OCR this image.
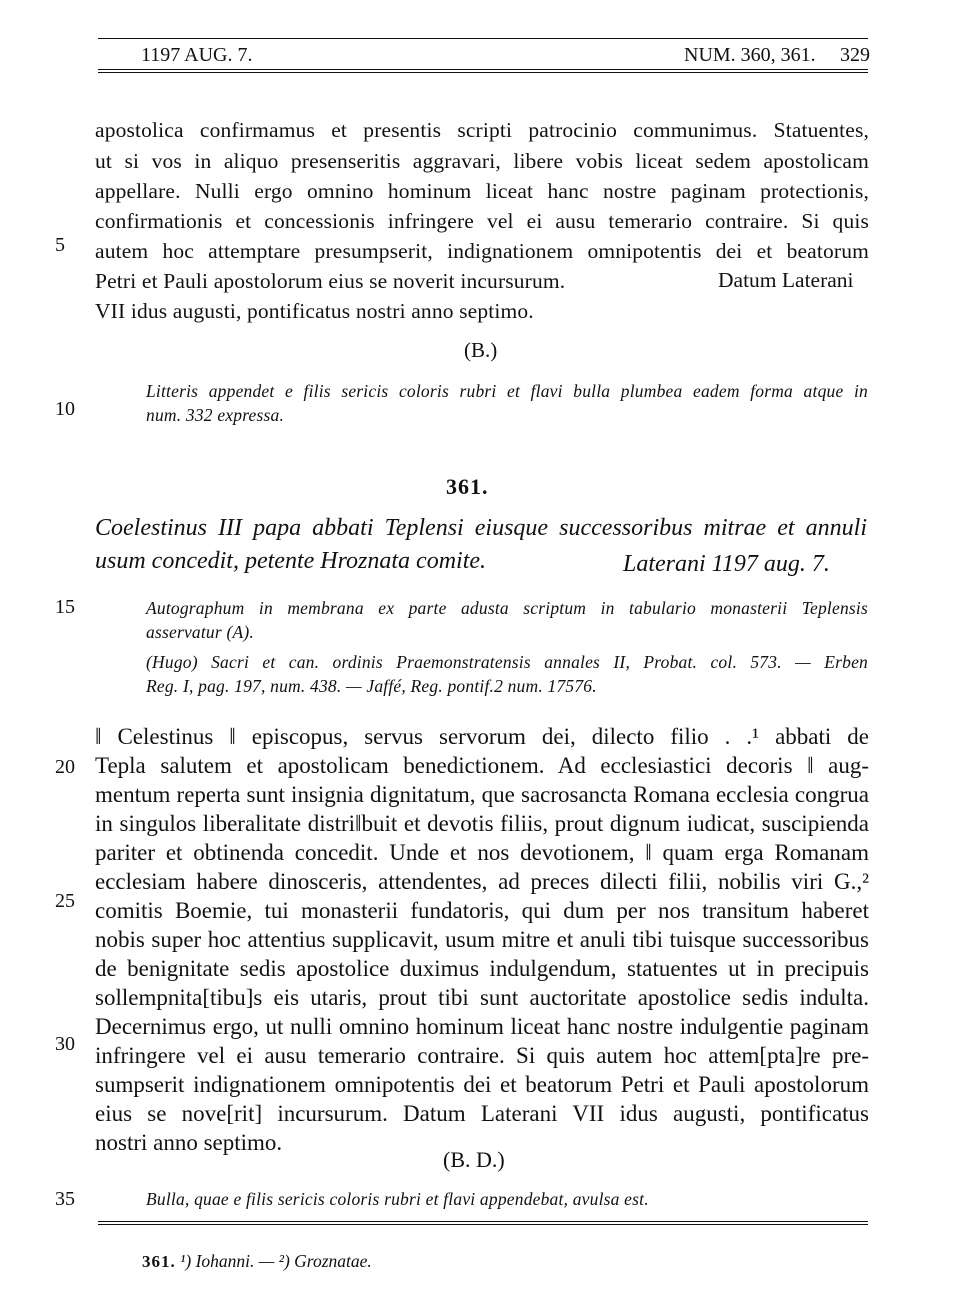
1197 AUG. 7.	NUM. 360, 361. 329
5
10
15
20
25
30
35
apostolica confirmamus et presentis scripti patrocinio communimus. Statuentes,
ut si vos in aliquo presenseritis aggravari, libere vobis liceat sedem apostolicam
appellare. Nulli ergo omnino hominum liceat hanc nostre paginam protectionis,
confirmationis et concessionis infringere vel ei ausu temerario contraire. Si quis
autem hoc attemptare presumpserit, indignationem omnipotentis dei et beatorum
Petri et Pauli apostolorum eius se noverit incursurum.
VII idus augusti, pontificatus nostri anno septimo.
Datum Laterani
(B.)
Litteris appendet e filis sericis coloris rubri et flavi bulla plumbea eadem forma atque in
num. 332 expressa.
361.
Coelestinus III papa abbati Teplensi eiusque successoribus mitrae et annuli
usum concedit, petente Hroznata comite.	Laterani 1197 aug. 7.
Autographum in membrana ex parte adusta scriptum in tabulario monasterii Teplensis
asservatur (A).
(Hugo) Sacri et can. ordinis Praemonstratensis annales II, Probat. col. 573. — Erben
Reg. I, pag. 197, num. 438. — Jaffé, Reg. pontif.2 num. 17576.
‖ Celestinus ‖ episcopus, servus servorum dei, dilecto filio . .¹ abbati de
Tepla salutem et apostolicam benedictionem. Ad ecclesiastici decoris ‖ aug-
mentum reperta sunt insignia dignitatum, que sacrosancta Romana ecclesia congrua
in singulos liberalitate distri‖buit et devotis filiis, prout dignum iudicat, suscipienda
pariter et obtinenda concedit. Unde et nos devotionem, ‖ quam erga Romanam
ecclesiam habere dinosceris, attendentes, ad preces dilecti filii, nobilis viri G.,²
comitis Boemie, tui monasterii fundatoris, qui dum per nos transitum haberet
nobis super hoc attentius supplicavit, usum mitre et anuli tibi tuisque successoribus
de benignitate sedis apostolice duximus indulgendum, statuentes ut in precipuis
sollempnita[tibu]s eis utaris, prout tibi sunt auctoritate apostolice sedis indulta.
Decernimus ergo, ut nulli omnino hominum liceat hanc nostre indulgentie paginam
infringere vel ei ausu temerario contraire. Si quis autem hoc attem[pta]re pre-
sumpserit indignationem omnipotentis dei et beatorum Petri et Pauli apostolorum
eius se nove[rit] incursurum. Datum Laterani VII idus augusti, pontificatus
nostri anno septimo.
(B. D.)
Bulla, quae e filis sericis coloris rubri et flavi appendebat, avulsa est.
361. ¹) Iohanni. — ²) Groznatae.
